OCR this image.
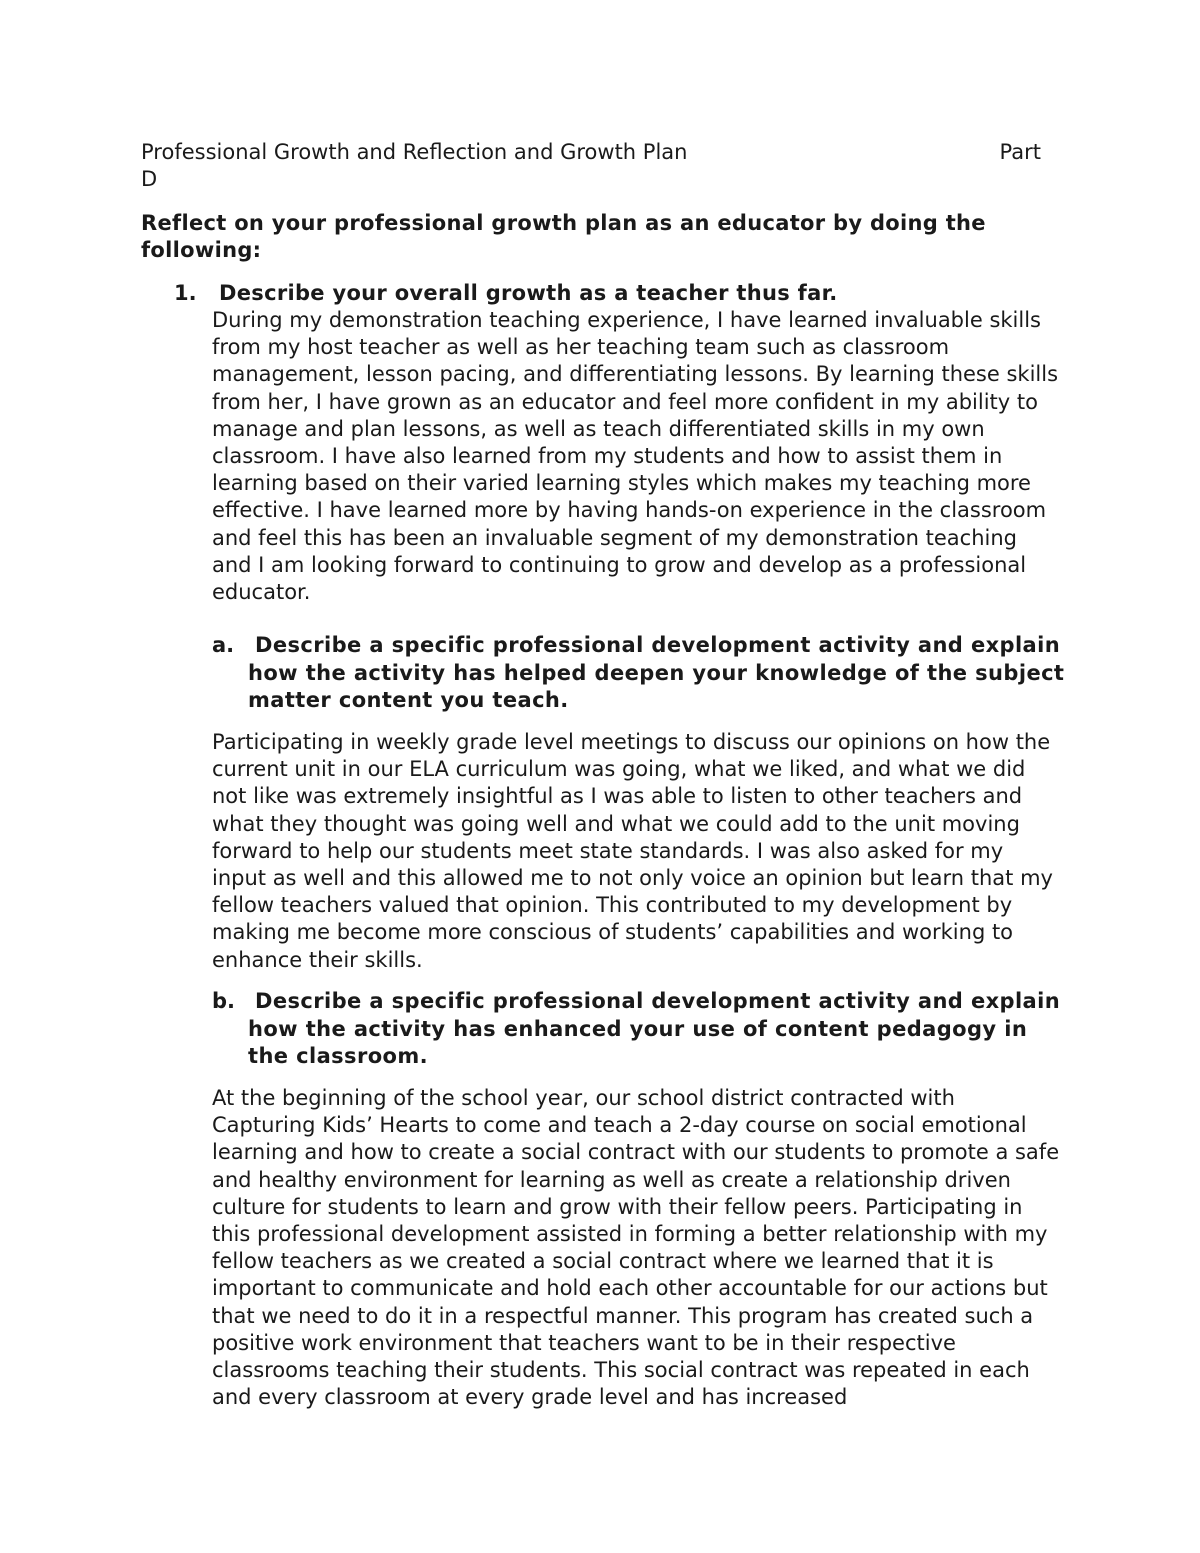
Professional Growth and Reflection and Growth Plan	Part
D
Reflect on your professional growth plan as an educator by doing the following:
1. Describe your overall growth as a teacher thus far.
During my demonstration teaching experience, I have learned invaluable skills from my host teacher as well as her teaching team such as classroom management, lesson pacing, and differentiating lessons. By learning these skills from her, I have grown as an educator and feel more confident in my ability to manage and plan lessons, as well as teach differentiated skills in my own classroom. I have also learned from my students and how to assist them in learning based on their varied learning styles which makes my teaching more effective. I have learned more by having hands-on experience in the classroom and feel this has been an invaluable segment of my demonstration teaching and I am looking forward to continuing to grow and develop as a professional educator.
a. Describe a specific professional development activity and explain how the activity has helped deepen your knowledge of the subject matter content you teach.
Participating in weekly grade level meetings to discuss our opinions on how the current unit in our ELA curriculum was going, what we liked, and what we did not like was extremely insightful as I was able to listen to other teachers and what they thought was going well and what we could add to the unit moving forward to help our students meet state standards. I was also asked for my input as well and this allowed me to not only voice an opinion but learn that my fellow teachers valued that opinion. This contributed to my development by making me become more conscious of students’ capabilities and working to enhance their skills.
b. Describe a specific professional development activity and explain how the activity has enhanced your use of content pedagogy in the classroom.
At the beginning of the school year, our school district contracted with Capturing Kids’ Hearts to come and teach a 2-day course on social emotional learning and how to create a social contract with our students to promote a safe and healthy environment for learning as well as create a relationship driven culture for students to learn and grow with their fellow peers. Participating in this professional development assisted in forming a better relationship with my fellow teachers as we created a social contract where we learned that it is important to communicate and hold each other accountable for our actions but that we need to do it in a respectful manner. This program has created such a positive work environment that teachers want to be in their respective classrooms teaching their students. This social contract was repeated in each and every classroom at every grade level and has increased
